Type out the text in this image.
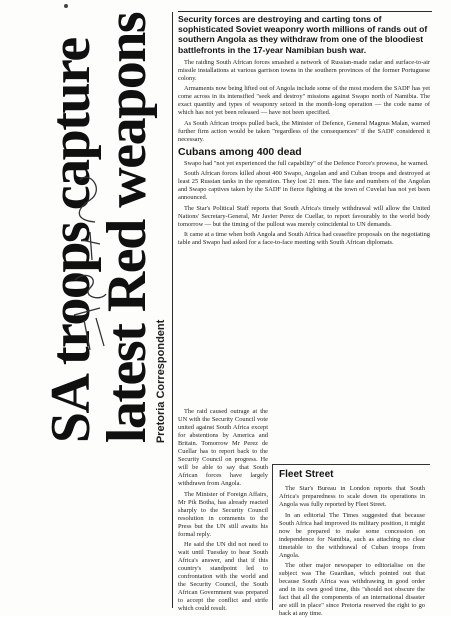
SA troops capture
latest Red weapons
Pretoria Correspondent
Security forces are destroying and carting tons of sophisticated Soviet weaponry worth millions of rands out of southern Angola as they withdraw from one of the bloodiest battlefronts in the 17-year Namibian bush war.

The raiding South African forces smashed a network of Russian-made radar and surface-to-air missile installations at various garrison towns in the southern provinces of the former Portuguese colony.

Armaments now being lifted out of Angola include some of the most modern the SADF has yet come across in its intensified "seek and destroy" missions against Swapo north of Namibia. The exact quantity and types of weaponry seized in the month-long operation — the code name of which has not yet been released — have not been specified.

As South African troops pulled back, the Minister of Defence, General Magnus Malan, warned further firm action would be taken "regardless of the consequences" if the SADF considered it necessary.

Cubans among 400 dead

Swapo had "not yet experienced the full capability" of the Defence Force's prowess, he warned.

South African forces killed about 400 Swapo, Angolan and and Cuban troops and destroyed at least 25 Russian tanks in the operation. They lost 21 men. The fate and numbers of the Angolan and Swapo captives taken by the SADF in fierce fighting at the town of Cuvelai has not yet been announced.

The Star's Political Staff reports that South Africa's timely withdrawal will allow the United Nations' Secretary-General, Mr Javier Perez de Cuellar, to report favourably to the world body tomorrow — but the timing of the pullout was merely coincidental to UN demands.

It came at a time when both Angola and South Africa had ceasefire proposals on the negotiating table and Swapo had asked for a face-to-face meeting with South African diplomats.

The raid caused outrage at the UN with the Security Council vote united against South Africa except for abstentions by America and Britain. Tomorrow Mr Perez de Cuellar has to report back to the Security Council on progress. He will be able to say that South African forces have largely withdrawn from Angola.

The Minister of Foreign Affairs, Mr Pik Botha, has already reacted sharply to the Security Council resolution in comments to the Press but the UN still awaits his formal reply.

He said the UN did not need to wait until Tuesday to hear South Africa's answer, and that if this country's standpoint led to confrontation with the world and the Security Council, the South African Government was prepared to accept the conflict and strife which could result.

Fleet Street

The Star's Bureau in London reports that South Africa's preparedness to scale down its operations in Angola was fully reported by Fleet Street.

In an editorial The Times suggested that because South Africa had improved its military position, it might now be prepared to make some concession on independence for Namibia, such as attaching no clear timetable to the withdrawal of Cuban troops from Angola.

The other major newspaper to editorialise on the subject was The Guardian, which pointed out that because South Africa was withdrawing in good order and in its own good time, this "should not obscure the fact that all the components of an international disaster are still in place" since Pretoria reserved the right to go back at any time.
